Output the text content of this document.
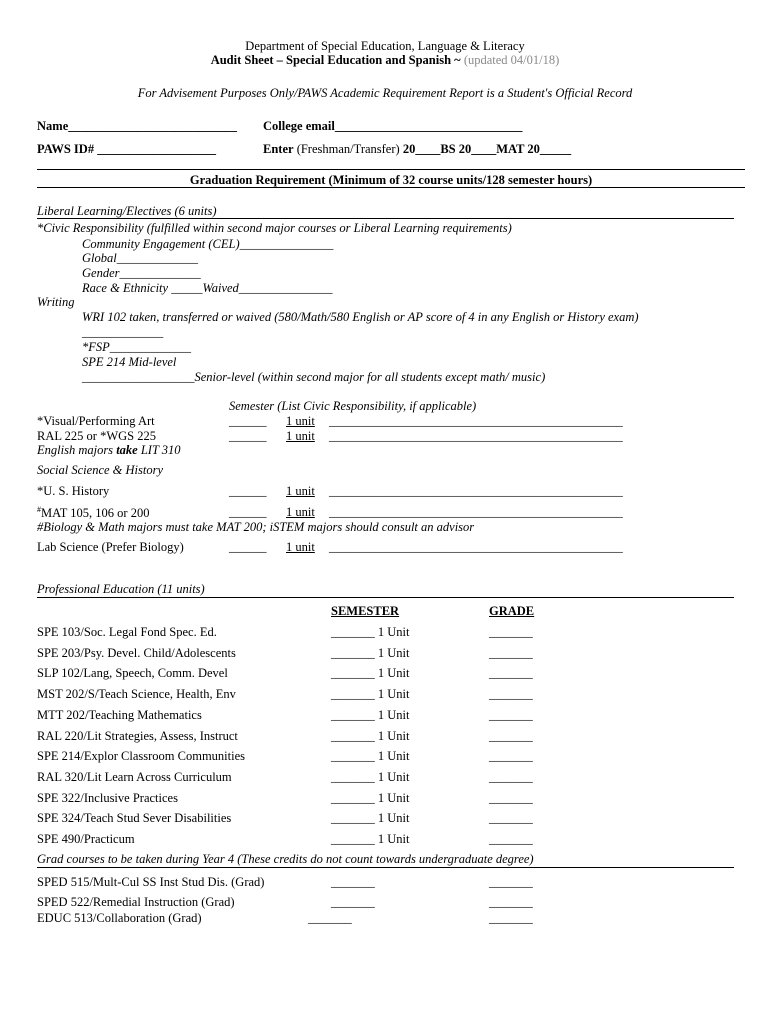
Department of Special Education, Language & Literacy
Audit Sheet – Special Education and Spanish ~ (updated 04/01/18)
For Advisement Purposes Only/PAWS Academic Requirement Report is a Student's Official Record
Name___________________________ College email______________________________
PAWS ID# ___________________	Enter (Freshman/Transfer) 20____BS 20____MAT 20_____
Graduation Requirement (Minimum of 32 course units/128 semester hours)
Liberal Learning/Electives (6 units)
*Civic Responsibility (fulfilled within second major courses or Liberal Learning requirements)
Community Engagement (CEL)_______________
Global_____________
Gender_____________
Race & Ethnicity _____Waived_______________
Writing
WRI 102 taken, transferred or waived (580/Math/580 English or AP score of 4 in any English or History exam)
_____________
*FSP_____________
SPE 214 Mid-level
__________________Senior-level (within second major for all students except math/ music)
Semester (List Civic Responsibility, if applicable)
*Visual/Performing Art	______ 1 unit _______________________________________________
RAL 225 or *WGS 225	______ 1 unit _______________________________________________
English majors take LIT 310
Social Science & History
*U. S. History	______ 1 unit _______________________________________________
#MAT 105, 106 or 200	______ 1 unit _______________________________________________
#Biology & Math majors must take MAT 200; iSTEM majors should consult an advisor
Lab Science (Prefer Biology)	______ 1 unit _______________________________________________
Professional Education (11 units)
SEMESTER	GRADE
SPE 103/Soc. Legal Fond Spec. Ed.	_______ 1 Unit	_______
SPE 203/Psy. Devel. Child/Adolescents	_______ 1 Unit	_______
SLP 102/Lang, Speech, Comm. Devel	_______ 1 Unit	_______
MST 202/S/Teach Science, Health, Env	_______ 1 Unit	_______
MTT 202/Teaching Mathematics	_______ 1 Unit	_______
RAL 220/Lit Strategies, Assess, Instruct	_______ 1 Unit	_______
SPE 214/Explor Classroom Communities	_______ 1 Unit	_______
RAL 320/Lit Learn Across Curriculum	_______ 1 Unit	_______
SPE 322/Inclusive Practices	_______ 1 Unit	_______
SPE 324/Teach Stud Sever Disabilities	_______ 1 Unit	_______
SPE 490/Practicum	_______ 1 Unit	_______
Grad courses to be taken during Year 4 (These credits do not count towards undergraduate degree)
SPED 515/Mult-Cul SS Inst Stud Dis. (Grad)	_______	_______
SPED 522/Remedial Instruction (Grad)	_______	_______
EDUC 513/Collaboration (Grad)	_______	_______
